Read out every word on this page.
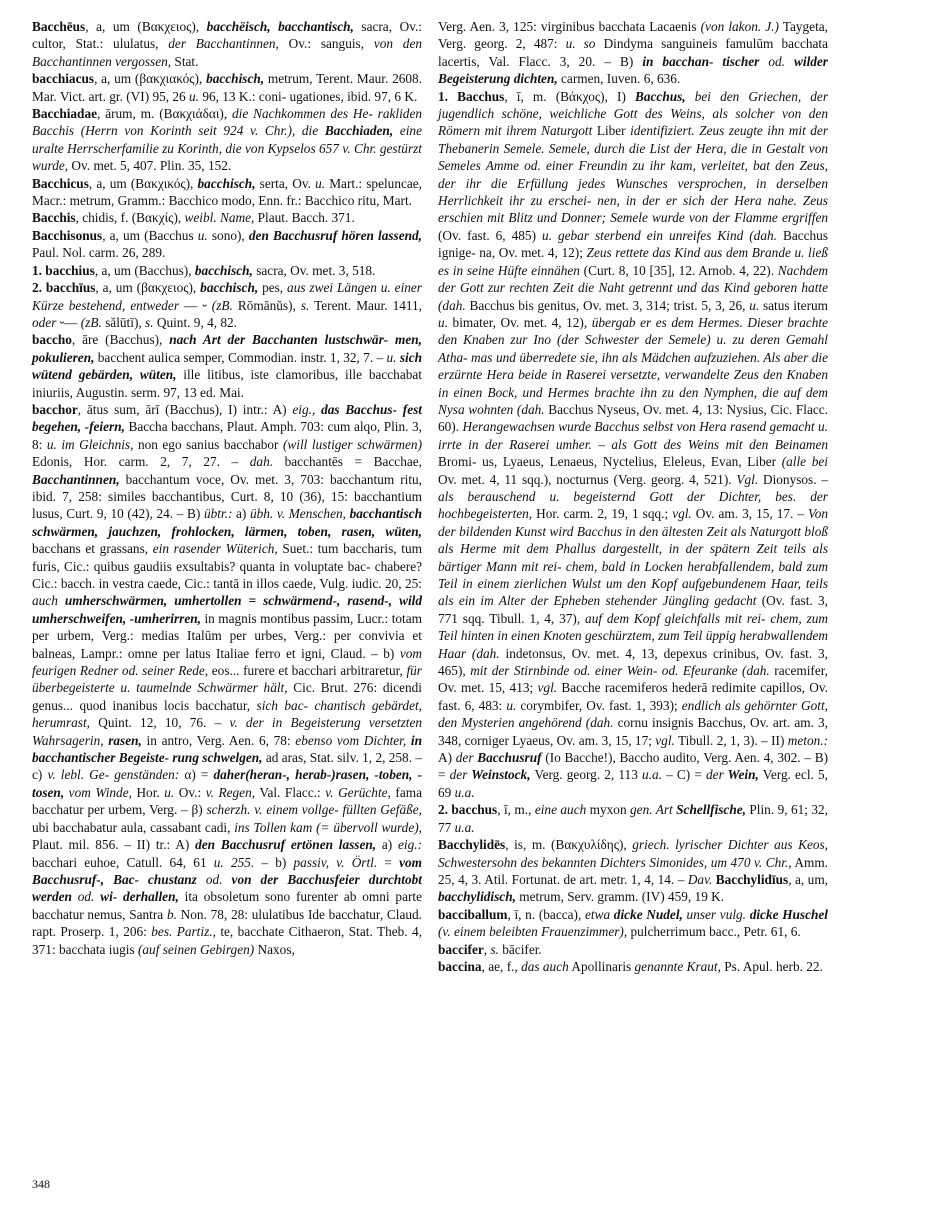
Bacchēus, a, um (Βακχειος), bacchëisch, bacchantisch, sacra, Ov.: cultor, Stat.: ululatus, der Bacchantinnen, Ov.: sanguis, von den Bacchantinnen vergossen, Stat.
bacchiacus, a, um (βακχιακός), bacchisch, metrum, Terent. Maur. 2608. Mar. Vict. art. gr. (VI) 95, 26 u. 96, 13 K.: coni- ugationes, ibid. 97, 6 K.
Bacchiadae, ārum, m. (Βακχιάδαι), die Nachkommen des He- rakliden Bacchis (Herrn von Korinth seit 924 v. Chr.), die Bacchiaden, eine uralte Herrscherfamilie zu Korinth, die von Kypselos 657 v. Chr. gestürzt wurde, Ov. met. 5, 407. Plin. 35, 152.
Bacchicus, a, um (Βακχικός), bacchisch, serta, Ov. u. Mart.: speluncae, Macr.: metrum, Gramm.: Bacchico modo, Enn. fr.: Bacchico ritu, Mart.
Bacchis, chidis, f. (Βακχίς), weibl. Name, Plaut. Bacch. 371.
Bacchisonus, a, um (Bacchus u. sono), den Bacchusruf hören lassend, Paul. Nol. carm. 26, 289.
1. bacchius, a, um (Bacchus), bacchisch, sacra, Ov. met. 3, 518.
2. bacchīus, a, um (βακχειος), bacchisch, pes, aus zwei Längen u. einer Kürze bestehend, entweder –– ⏑ (zB. Rōmānŭs), s. Terent. Maur. 1411, oder ⏑–– (zB. sălūtī), s. Quint. 9, 4, 82.
baccho, āre (Bacchus), nach Art der Bacchanten lustschwär- men, pokulieren, bacchent aulica semper, Commodian. instr. 1, 32, 7. – u. sich wütend gebärden, wüten, ille litibus, iste clamoribus, ille bacchabat iniuriis, Augustin. serm. 97, 13 ed. Mai.
bacchor, ātus sum, ārī (Bacchus), I) intr.: A) eig., das Bacchus- fest begehen, -feiern, Baccha bacchans, Plaut. Amph. 703: cum alqo, Plin. 3, 8: u. im Gleichnis, non ego sanius bacchabor (will lustiger schwärmen) Edonis, Hor. carm. 2, 7, 27. – dah. bacchantēs = Bacchae, Bacchantinnen, bacchantum voce, Ov. met. 3, 703: bacchantum ritu, ibid. 7, 258: similes bacchantibus, Curt. 8, 10 (36), 15: bacchantium lusus, Curt. 9, 10 (42), 24. – B) übtr.: a) übh. v. Menschen, bacchantisch schwärmen, jauchzen, frohlocken, lärmen, toben, rasen, wüten, bacchans et grassans, ein rasender Wüterich, Suet.: tum baccharis, tum furis, Cic.: quibus gaudiis exsultabis? quanta in voluptate bac- chabere? Cic.: bacch. in vestra caede, Cic.: tantā in illos caede, Vulg. iudic. 20, 25: auch umherschwärmen, umhertollen = schwärmend-, rasend-, wild umherschweifen, -umherirren, in magnis montibus passim, Lucr.: totam per urbem, Verg.: medias Italūm per urbes, Verg.: per convivia et balneas, Lampr.: omne per latus Italiae ferro et igni, Claud. – b) vom feurigen Redner od. seiner Rede, eos... furere et bacchari arbitraretur, für überbegeisterte u. taumelnde Schwärmer hält, Cic. Brut. 276: dicendi genus... quod inanibus locis bacchatur, sich bac- chantisch gebärdet, herumrast, Quint. 12, 10, 76. – v. der in Begeisterung versetzten Wahrsagerin, rasen, in antro, Verg. Aen. 6, 78: ebenso vom Dichter, in bacchantischer Begeiste- rung schwelgen, ad aras, Stat. silv. 1, 2, 258. – c) v. lebl. Ge- genständen: α) = daher(heran-, herab-)rasen, -toben, -tosen, vom Winde, Hor. u. Ov.: v. Regen, Val. Flacc.: v. Gerüchte, fama bacchatur per urbem, Verg. – β) scherzh. v. einem vollge- füllten Gefäße, ubi bacchabatur aula, cassabant cadi, ins Tollen kam (= übervoll wurde), Plaut. mil. 856. – II) tr.: A) den Bacchusruf ertönen lassen, a) eig.: bacchari euhoe, Catull. 64, 61 u. 255. – b) passiv, v. Örtl. = vom Bacchusruf-, Bac- chustanz od. von der Bacchusfeier durchtobt werden od. wi- derhallen, ita obsoletum sono furenter ab omni parte bacchatur nemus, Santra b. Non. 78, 28: ululatibus Ide bacchatur, Claud. rapt. Proserp. 1, 206: bes. Partiz., te, bacchate Cithaeron, Stat. Theb. 4, 371: bacchata iugis (auf seinen Gebirgen) Naxos,
Verg. Aen. 3, 125: virginibus bacchata Lacaenis (von lakon. J.) Taygeta, Verg. georg. 2, 487: u. so Dindyma sanguineis famulūm bacchata lacertis, Val. Flacc. 3, 20. – B) in bacchan- tischer od. wilder Begeisterung dichten, carmen, Iuven. 6, 636.
1. Bacchus, ī, m. (Βάκχος), I) Bacchus, bei den Griechen, der jugendlich schöne, weichliche Gott des Weins, als solcher von den Römern mit ihrem Naturgott Liber identifiziert. Zeus zeugte ihn mit der Thebanerin Semele. Semele, durch die List der Hera, die in Gestalt von Semeles Amme od. einer Freundin zu ihr kam, verleitet, bat den Zeus, der ihr die Erfüllung jedes Wunsches versprochen, in derselben Herrlichkeit ihr zu erschei- nen, in der er sich der Hera nahe. Zeus erschien mit Blitz und Donner; Semele wurde von der Flamme ergriffen (Ov. fast. 6, 485) u. gebar sterbend ein unreifes Kind (dah. Bacchus ignige- na, Ov. met. 4, 12); Zeus rettete das Kind aus dem Brande u. ließ es in seine Hüfte einnähen (Curt. 8, 10 [35], 12. Arnob. 4, 22). Nachdem der Gott zur rechten Zeit die Naht getrennt und das Kind geboren hatte (dah. Bacchus bis genitus, Ov. met. 3, 314; trist. 5, 3, 26, u. satus iterum u. bimater, Ov. met. 4, 12), übergab er es dem Hermes. Dieser brachte den Knaben zur Ino (der Schwester der Semele) u. zu deren Gemahl Atha- mas und überredete sie, ihn als Mädchen aufzuziehen. Als aber die erzürnte Hera beide in Raserei versetzte, verwandelte Zeus den Knaben in einen Bock, und Hermes brachte ihn zu den Nymphen, die auf dem Nysa wohnten (dah. Bacchus Nyseus, Ov. met. 4, 13: Nysius, Cic. Flacc. 60). Herangewachsen wurde Bacchus selbst von Hera rasend gemacht u. irrte in der Raserei umher. – als Gott des Weins mit den Beinamen Bromi- us, Lyaeus, Lenaeus, Nyctelius, Eleleus, Evan, Liber (alle bei Ov. met. 4, 11 sqq.), nocturnus (Verg. georg. 4, 521). Vgl. Dionysos. – als berauschend u. begeisternd Gott der Dichter, bes. der hochbegeisterten, Hor. carm. 2, 19, 1 sqq.; vgl. Ov. am. 3, 15, 17. – Von der bildenden Kunst wird Bacchus in den ältesten Zeit als Naturgott bloß als Herme mit dem Phallus dargestellt, in der spätern Zeit teils als bärtiger Mann mit rei- chem, bald in Locken herabfallendem, bald zum Teil in einem zierlichen Wulst um den Kopf aufgebundenem Haar, teils als ein im Alter der Epheben stehender Jüngling gedacht (Ov. fast. 3, 771 sqq. Tibull. 1, 4, 37), auf dem Kopf gleichfalls mit rei- chem, zum Teil hinten in einen Knoten geschürztem, zum Teil üppig herabwallendem Haar (dah. indetonsus, Ov. met. 4, 13, depexus crinibus, Ov. fast. 3, 465), mit der Stirnbinde od. einer Wein- od. Efeuranke (dah. racemifer, Ov. met. 15, 413; vgl. Bacche racemiferos hederā redimite capillos, Ov. fast. 6, 483: u. corymbifer, Ov. fast. 1, 393); endlich als gehörnter Gott, den Mysterien angehörend (dah. cornu insignis Bacchus, Ov. art. am. 3, 348, corniger Lyaeus, Ov. am. 3, 15, 17; vgl. Tibull. 2, 1, 3). – II) meton.: A) der Bacchusruf (Io Bacche!), Baccho audito, Verg. Aen. 4, 302. – B) = der Weinstock, Verg. georg. 2, 113 u.a. – C) = der Wein, Verg. ecl. 5, 69 u.a.
2. bacchus, ī, m., eine auch myxon gen. Art Schellfische, Plin. 9, 61; 32, 77 u.a.
Bacchylidēs, is, m. (Βακχυλίδης), griech. lyrischer Dichter aus Keos, Schwestersohn des bekannten Dichters Simonides, um 470 v. Chr., Amm. 25, 4, 3. Atil. Fortunat. de art. metr. 1, 4, 14. – Dav. Bacchylidīus, a, um, bacchylidisch, metrum, Serv. gramm. (IV) 459, 19 K.
bacciballum, ī, n. (bacca), etwa dicke Nudel, unser vulg. dicke Huschel (v. einem beleibten Frauenzimmer), pulcherrimum bacc., Petr. 61, 6.
baccifer, s. bācifer.
baccina, ae, f., das auch Apollinaris genannte Kraut, Ps. Apul. herb. 22.
348
